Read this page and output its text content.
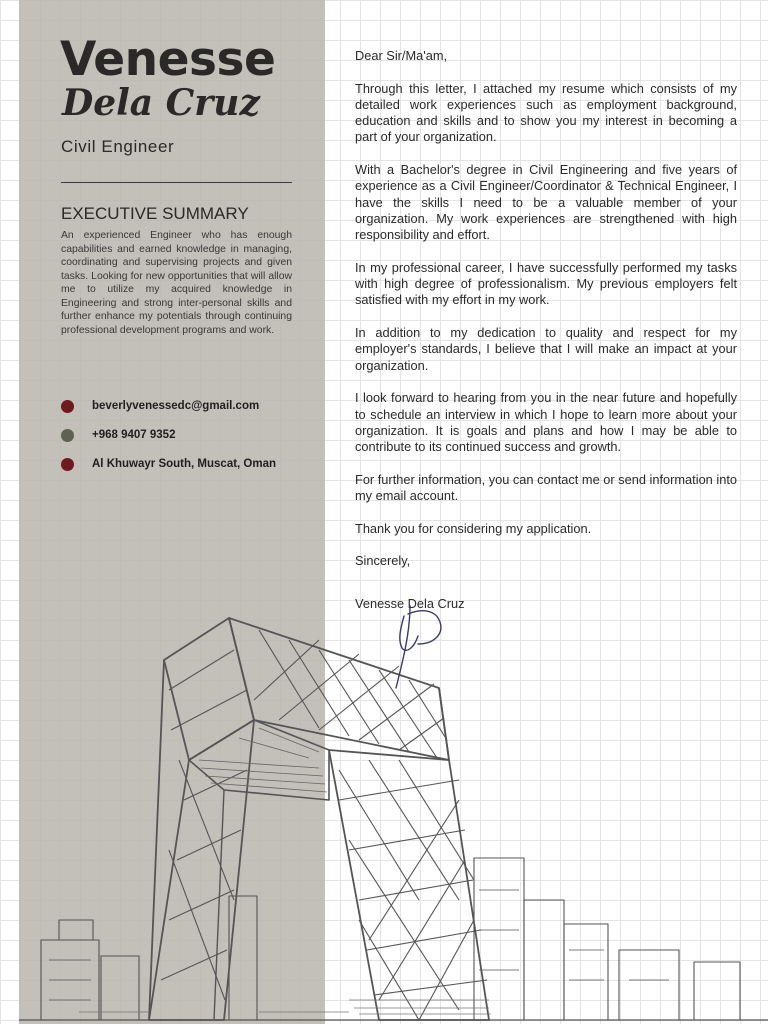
Venesse
Dela Cruz
Civil Engineer
EXECUTIVE SUMMARY

An experienced Engineer who has enough capabilities and earned knowledge in managing, coordinating and supervising projects and given tasks. Looking for new opportunities that will allow me to utilize my acquired knowledge in Engineering and strong inter-personal skills and further enhance my potentials through continuing professional development programs and work.

beverlyvenessedc@gmail.com
+968 9407 9352
Al Khuwayr South, Muscat, Oman

Dear Sir/Ma'am,

Through this letter, I attached my resume which consists of my detailed work experiences such as employment background, education and skills and to show you my interest in becoming a part of your organization.

With a Bachelor's degree in Civil Engineering and five years of experience as a Civil Engineer/Coordinator & Technical Engineer, I have the skills I need to be a valuable member of your organization. My work experiences are strengthened with high responsibility and effort.

In my professional career, I have successfully performed my tasks with high degree of professionalism. My previous employers felt satisfied with my effort in my work.

In addition to my dedication to quality and respect for my employer's standards, I believe that I will make an impact at your organization.

I look forward to hearing from you in the near future and hopefully to schedule an interview in which I hope to learn more about your organization. It is goals and plans and how I may be able to contribute to its continued success and growth.

For further information, you can contact me or send information into my email account.

Thank you for considering my application.

Sincerely,

Venesse Dela Cruz
